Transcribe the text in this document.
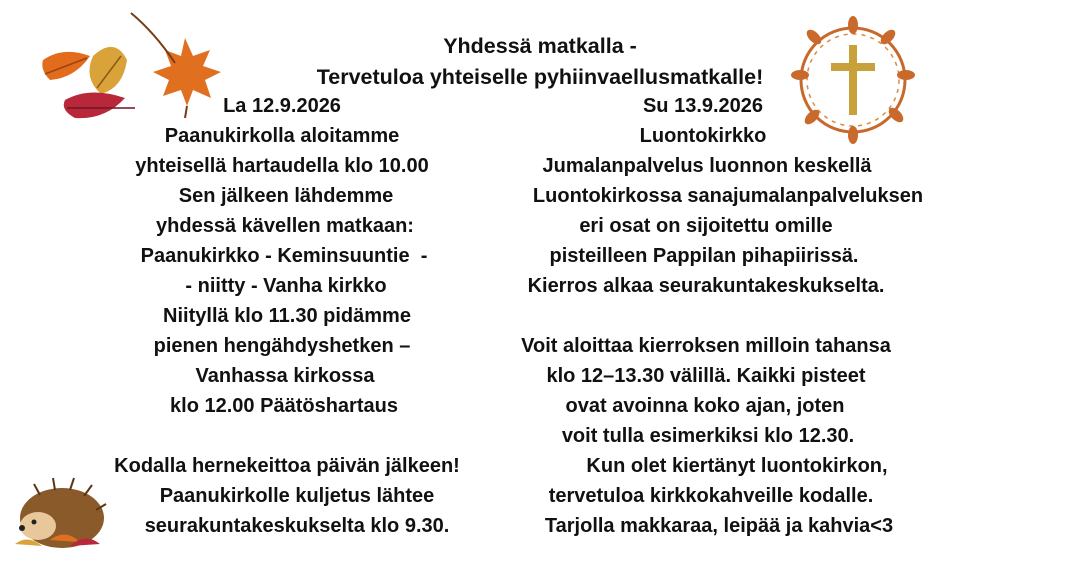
Yhdessä matkalla -
Tervetuloa yhteiselle pyhiinvaellusmatkalle!
La 12.9.2026
Paanukirkolla aloitamme
yhteisellä hartaudella klo 10.00
Sen jälkeen lähdemme
yhdessä kävellen matkaan:
Paanukirkko - Keminsuuntie  -
- niitty - Vanha kirkko
Niityllä klo 11.30 pidämme
pienen hengähdyshetken –
Vanhassa kirkossa
klo 12.00 Päätöshartaus
Kodalla hernekeittoa päivän jälkeen!
Paanukirkolle kuljetus lähtee
seurakuntakeskukselta klo 9.30.
Su 13.9.2026
Luontokirkko
Jumalanpalvelus luonnon keskellä
Luontokirkossa sanajumalanpalveluksen
eri osat on sijoitettu omille
pisteilleen Pappilan pihapiirissä.
Kierros alkaa seurakuntakeskukselta.
Voit aloittaa kierroksen milloin tahansa
klo 12–13.30 välillä. Kaikki pisteet
ovat avoinna koko ajan, joten
voit tulla esimerkiksi klo 12.30.
Kun olet kiertänyt luontokirkon,
tervetuloa kirkkokahveille kodalle.
Tarjolla makkaraa, leipää ja kahvia<3
